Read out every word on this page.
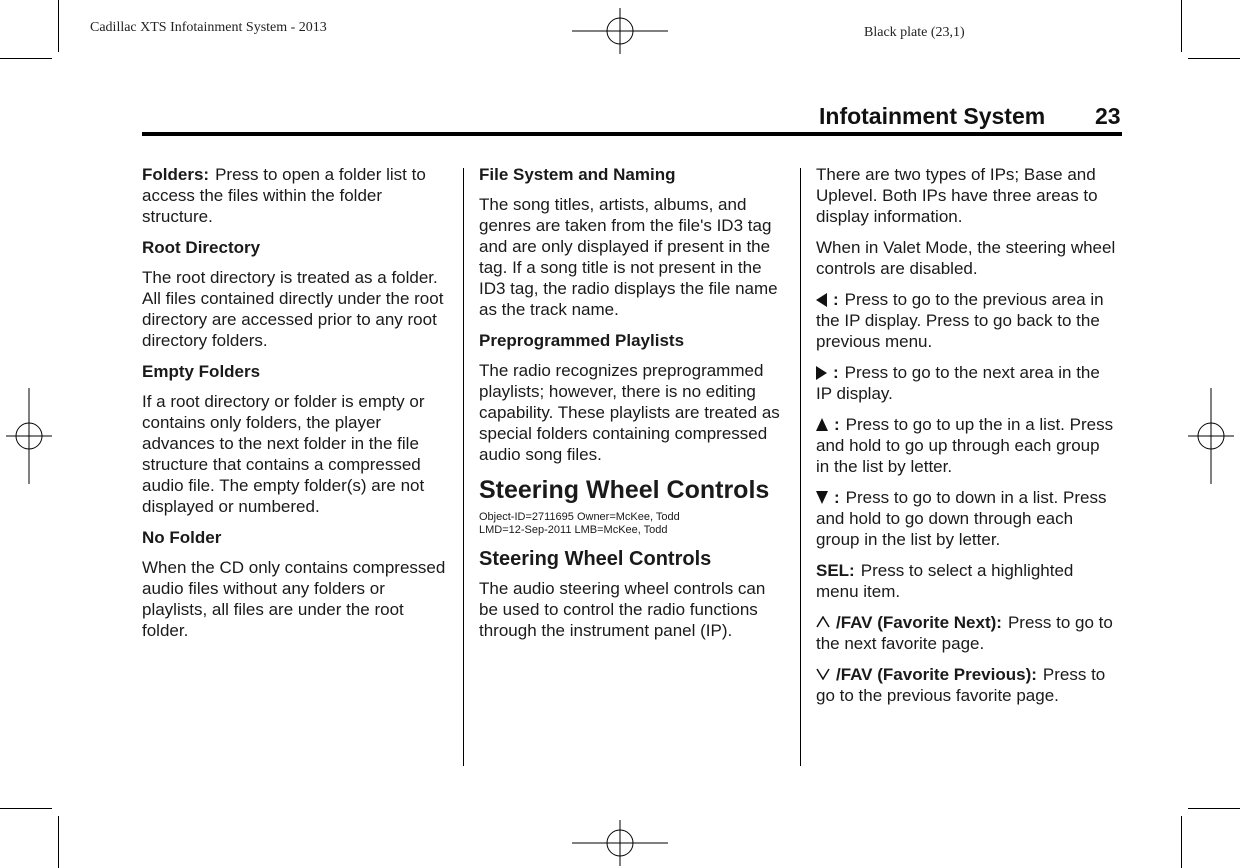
Cadillac XTS Infotainment System - 2013	Black plate (23,1)
Infotainment System 23

Folders: Press to open a folder list to access the files within the folder structure.

Root Directory

The root directory is treated as a folder. All files contained directly under the root directory are accessed prior to any root directory folders.

Empty Folders

If a root directory or folder is empty or contains only folders, the player advances to the next folder in the file structure that contains a compressed audio file. The empty folder(s) are not displayed or numbered.

No Folder

When the CD only contains compressed audio files without any folders or playlists, all files are under the root folder.

File System and Naming

The song titles, artists, albums, and genres are taken from the file's ID3 tag and are only displayed if present in the tag. If a song title is not present in the ID3 tag, the radio displays the file name as the track name.

Preprogrammed Playlists

The radio recognizes preprogrammed playlists; however, there is no editing capability. These playlists are treated as special folders containing compressed audio song files.

Steering Wheel Controls
Object-ID=2711695 Owner=McKee, Todd
LMD=12-Sep-2011 LMB=McKee, Todd
Steering Wheel Controls

The audio steering wheel controls can be used to control the radio functions through the instrument panel (IP).

There are two types of IPs; Base and Uplevel. Both IPs have three areas to display information.

When in Valet Mode, the steering wheel controls are disabled.

: Press to go to the previous area in the IP display. Press to go back to the previous menu.

: Press to go to the next area in the IP display.

: Press to go to up the in a list. Press and hold to go up through each group in the list by letter.

: Press to go to down in a list. Press and hold to go down through each group in the list by letter.

SEL: Press to select a highlighted menu item.

/FAV (Favorite Next): Press to go to the next favorite page.

/FAV (Favorite Previous): Press to go to the previous favorite page.
